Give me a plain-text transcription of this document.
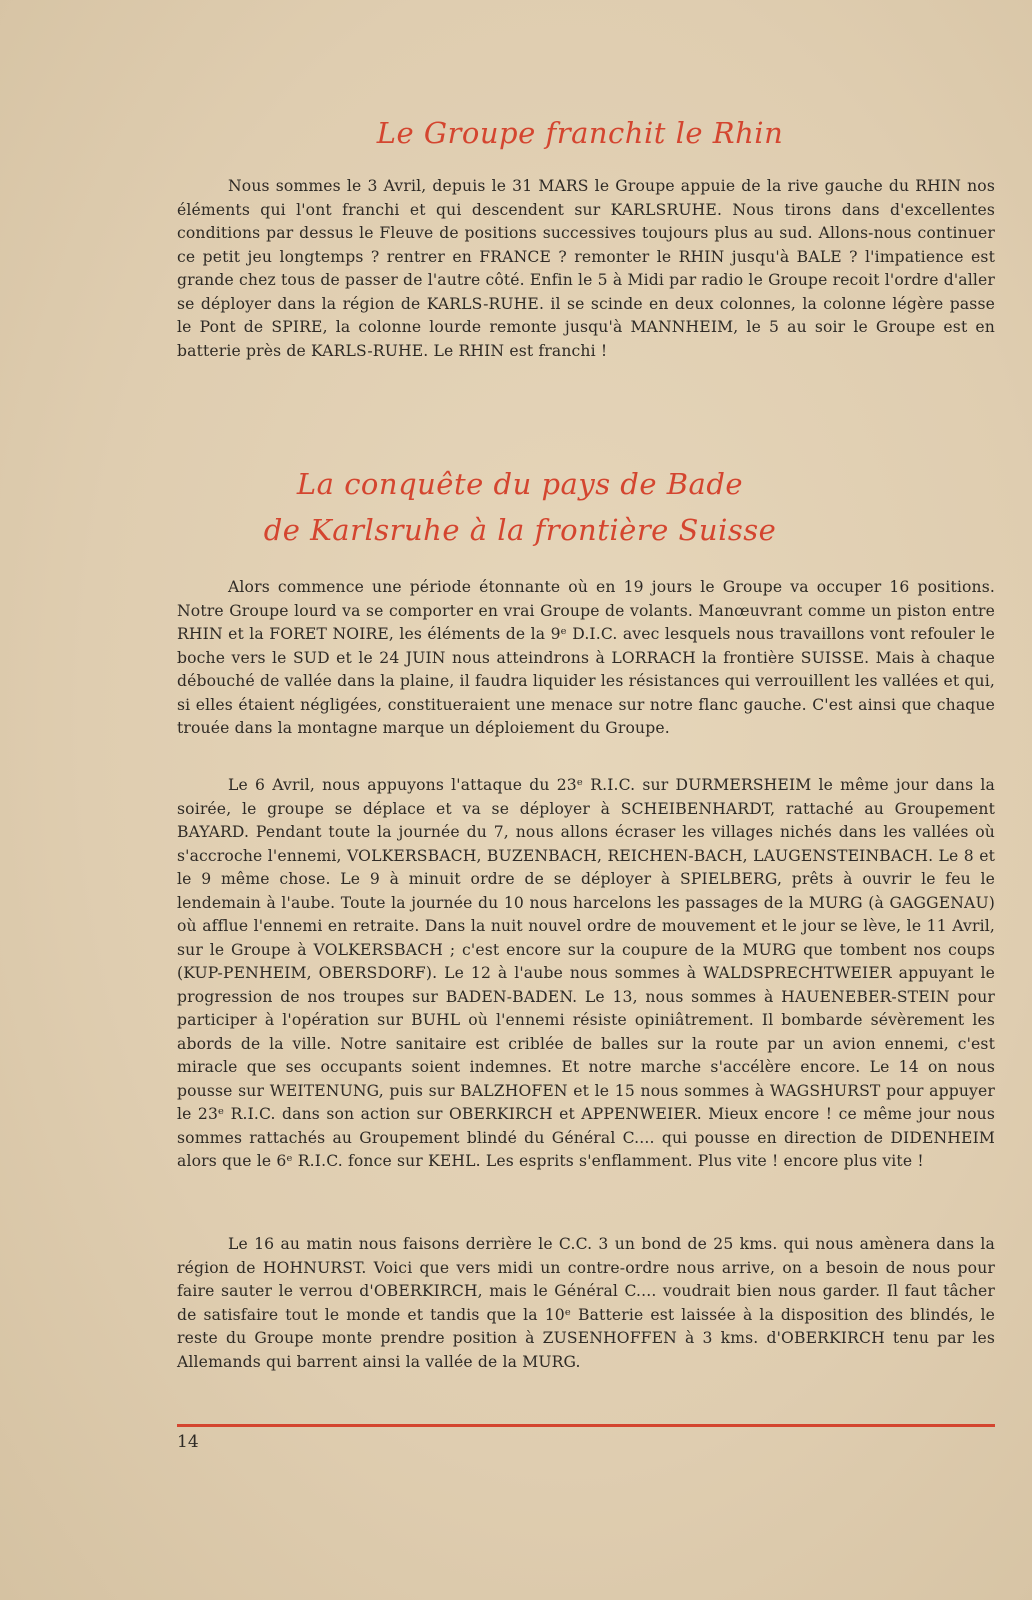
Le Groupe franchit le Rhin

Nous sommes le 3 Avril, depuis le 31 MARS le Groupe appuie de la rive gauche du RHIN nos éléments qui l'ont franchi et qui descendent sur KARLSRUHE. Nous tirons dans d'excellentes conditions par dessus le Fleuve de positions successives toujours plus au sud. Allons-nous continuer ce petit jeu longtemps ? rentrer en FRANCE ? remonter le RHIN jusqu'à BALE ? l'impatience est grande chez tous de passer de l'autre côté. Enfin le 5 à Midi par radio le Groupe recoit l'ordre d'aller se déployer dans la région de KARLS-RUHE. il se scinde en deux colonnes, la colonne légère passe le Pont de SPIRE, la colonne lourde remonte jusqu'à MANNHEIM, le 5 au soir le Groupe est en batterie près de KARLS-RUHE. Le RHIN est franchi !

La conquête du pays de Bade
de Karlsruhe à la frontière Suisse

Alors commence une période étonnante où en 19 jours le Groupe va occuper 16 positions. Notre Groupe lourd va se comporter en vrai Groupe de volants. Manœuvrant comme un piston entre RHIN et la FORET NOIRE, les éléments de la 9ᵉ D.I.C. avec lesquels nous travaillons vont refouler le boche vers le SUD et le 24 JUIN nous atteindrons à LORRACH la frontière SUISSE. Mais à chaque débouché de vallée dans la plaine, il faudra liquider les résistances qui verrouillent les vallées et qui, si elles étaient négligées, constitueraient une menace sur notre flanc gauche. C'est ainsi que chaque trouée dans la montagne marque un déploiement du Groupe.

Le 6 Avril, nous appuyons l'attaque du 23ᵉ R.I.C. sur DURMERSHEIM le même jour dans la soirée, le groupe se déplace et va se déployer à SCHEIBENHARDT, rattaché au Groupement BAYARD. Pendant toute la journée du 7, nous allons écraser les villages nichés dans les vallées où s'accroche l'ennemi, VOLKERSBACH, BUZENBACH, REICHEN-BACH, LAUGENSTEINBACH. Le 8 et le 9 même chose. Le 9 à minuit ordre de se déployer à SPIELBERG, prêts à ouvrir le feu le lendemain à l'aube. Toute la journée du 10 nous harcelons les passages de la MURG (à GAGGENAU) où afflue l'ennemi en retraite. Dans la nuit nouvel ordre de mouvement et le jour se lève, le 11 Avril, sur le Groupe à VOLKERSBACH ; c'est encore sur la coupure de la MURG que tombent nos coups (KUP-PENHEIM, OBERSDORF). Le 12 à l'aube nous sommes à WALDSPRECHTWEIER appuyant le progression de nos troupes sur BADEN-BADEN. Le 13, nous sommes à HAUENEBER-STEIN pour participer à l'opération sur BUHL où l'ennemi résiste opiniâtrement. Il bombarde sévèrement les abords de la ville. Notre sanitaire est criblée de balles sur la route par un avion ennemi, c'est miracle que ses occupants soient indemnes. Et notre marche s'accélère encore. Le 14 on nous pousse sur WEITENUNG, puis sur BALZHOFEN et le 15 nous sommes à WAGSHURST pour appuyer le 23ᵉ R.I.C. dans son action sur OBERKIRCH et APPENWEIER. Mieux encore ! ce même jour nous sommes rattachés au Groupement blindé du Général C.... qui pousse en direction de DIDENHEIM alors que le 6ᵉ R.I.C. fonce sur KEHL. Les esprits s'enflamment. Plus vite ! encore plus vite !

Le 16 au matin nous faisons derrière le C.C. 3 un bond de 25 kms. qui nous amènera dans la région de HOHNURST. Voici que vers midi un contre-ordre nous arrive, on a besoin de nous pour faire sauter le verrou d'OBERKIRCH, mais le Général C.... voudrait bien nous garder. Il faut tâcher de satisfaire tout le monde et tandis que la 10ᵉ Batterie est laissée à la disposition des blindés, le reste du Groupe monte prendre position à ZUSENHOFFEN à 3 kms. d'OBERKIRCH tenu par les Allemands qui barrent ainsi la vallée de la MURG.

14
